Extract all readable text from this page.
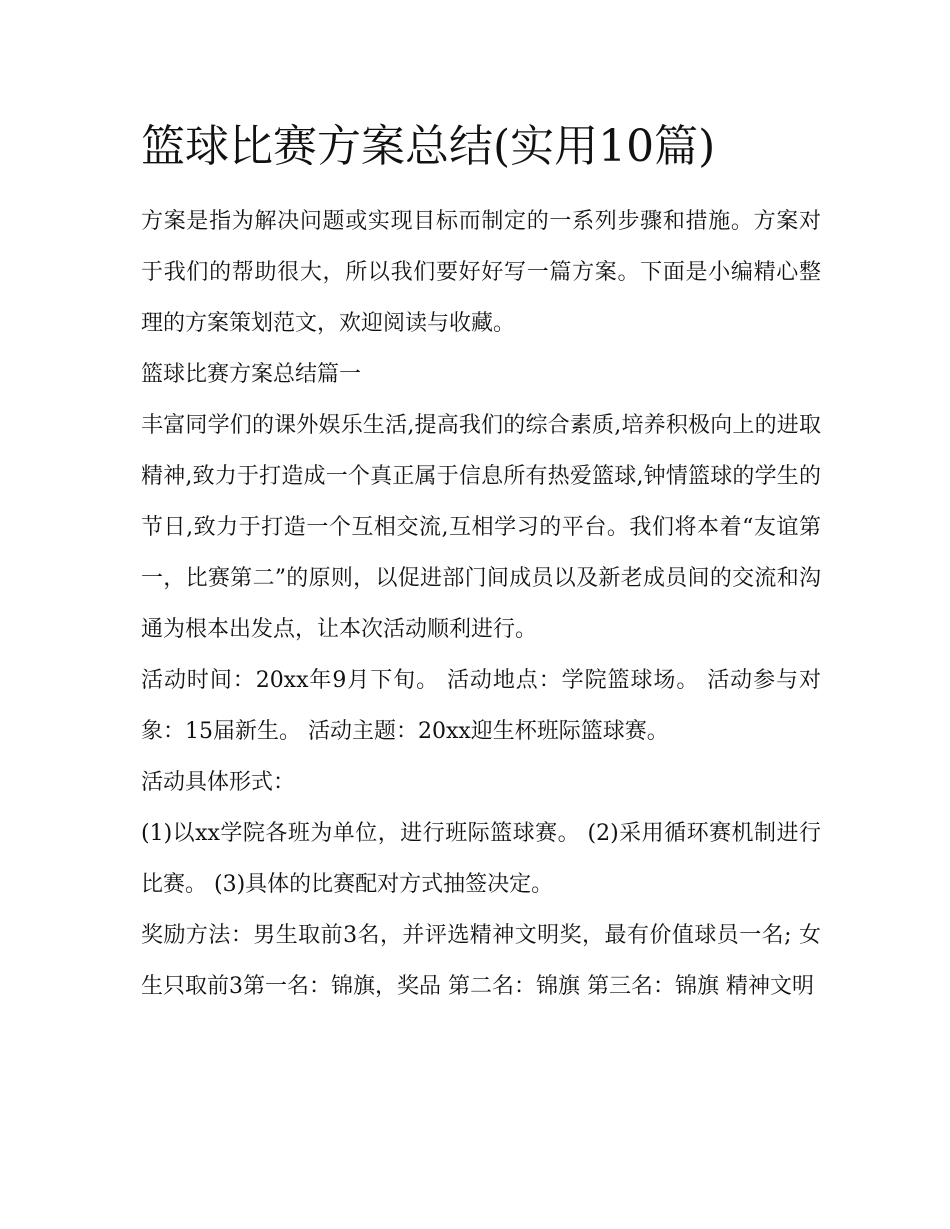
篮球比赛方案总结(实用10篇)

方案是指为解决问题或实现目标而制定的一系列步骤和措施。方案对于我们的帮助很大，所以我们要好好写一篇方案。下面是小编精心整理的方案策划范文，欢迎阅读与收藏。

篮球比赛方案总结篇一

丰富同学们的课外娱乐生活,提高我们的综合素质,培养积极向上的进取精神,致力于打造成一个真正属于信息所有热爱篮球,钟情篮球的学生的节日,致力于打造一个互相交流,互相学习的平台。我们将本着“友谊第一，比赛第二”的原则，以促进部门间成员以及新老成员间的交流和沟通为根本出发点，让本次活动顺利进行。

活动时间：20xx年9月下旬。 活动地点：学院篮球场。 活动参与对象：15届新生。 活动主题：20xx迎生杯班际篮球赛。

活动具体形式：

(1)以xx学院各班为单位，进行班际篮球赛。 (2)采用循环赛机制进行比赛。 (3)具体的比赛配对方式抽签决定。

奖励方法：男生取前3名，并评选精神文明奖，最有价值球员一名; 女生只取前3第一名：锦旗，奖品 第二名：锦旗 第三名：锦旗 精神文明
